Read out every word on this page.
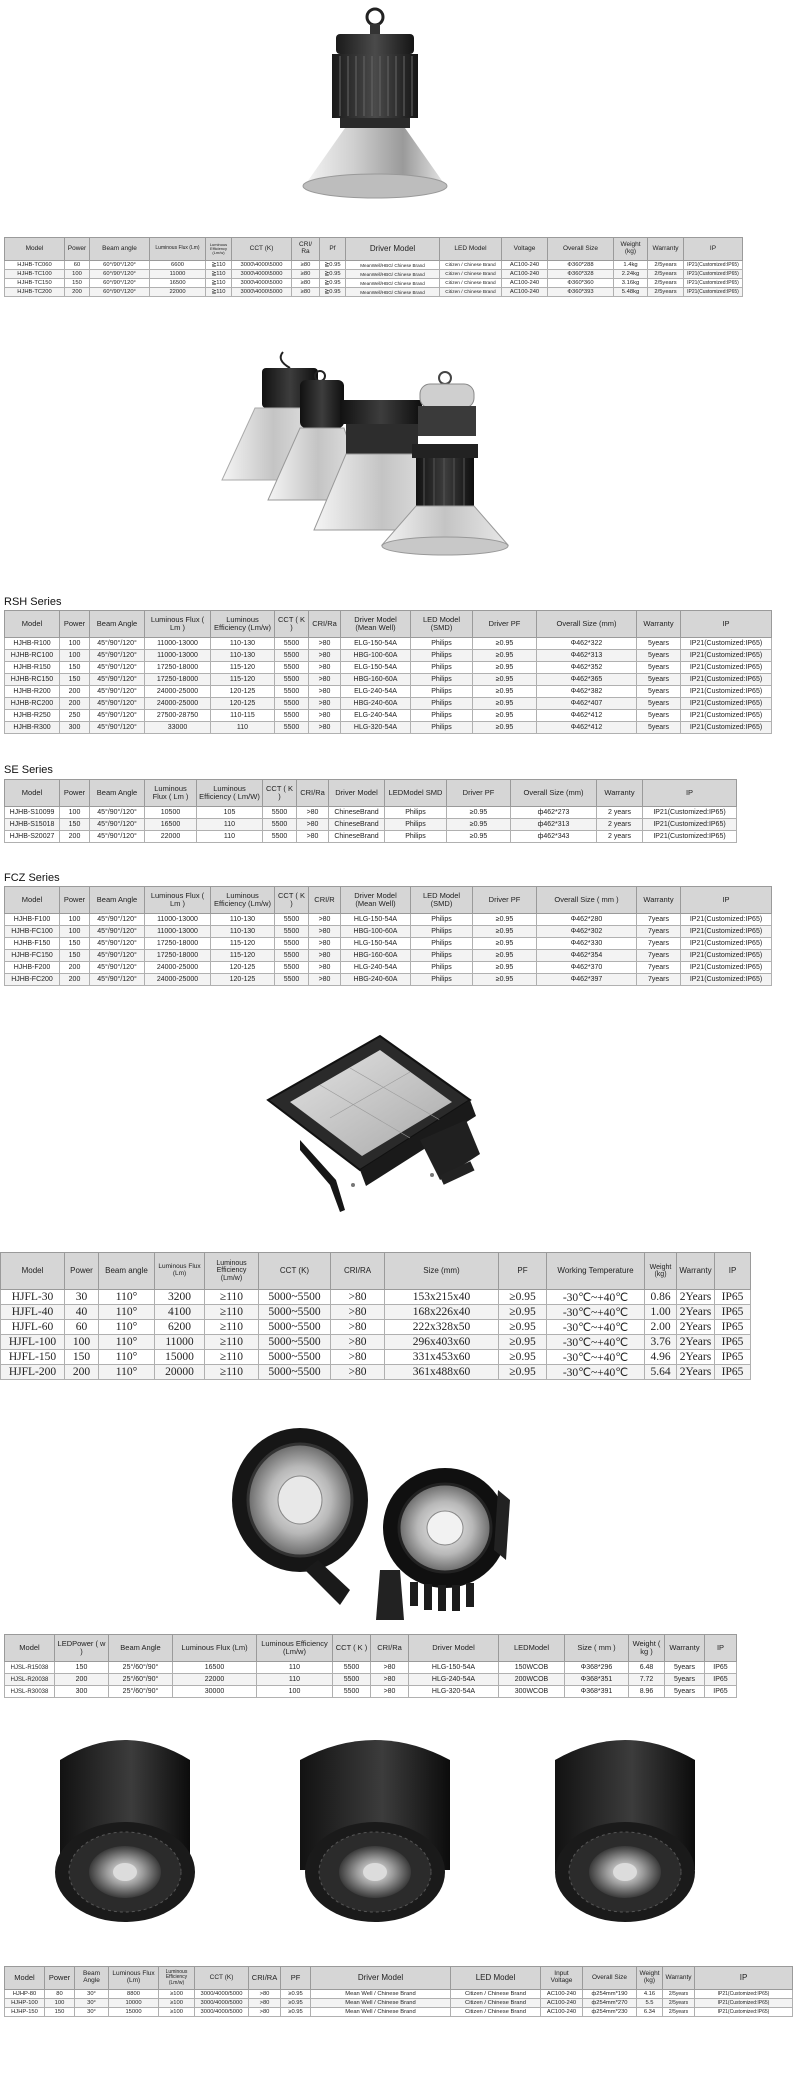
Model	Power	Beam angle	Luminous Flux (Lm)	Luminous Efficiency (Lm/w)	CCT (K)	CRI/ Ra	Pf	Driver Model	LED Model	Voltage	Overall Size	Weight (kg)	Warranty	IP
HJHB-TC060	60	60°/90°/120°	6600	≧110	3000\4000\5000	≥80	≧0.95	MeanWell/HBG/ Chinese Brand	Citizen / Chinese Brand	AC100-240	Φ360*288	1.4kg	2/5years	IP21(Customized:IP65)
HJHB-TC100	100	60°/90°/120°	11000	≧110	3000\4000\5000	≥80	≧0.95	MeanWell/HBG/ Chinese Brand	Citizen / Chinese Brand	AC100-240	Φ360*328	2.24kg	2/5years	IP21(Customized:IP65)
HJHB-TC150	150	60°/90°/120°	16500	≧110	3000\4000\5000	≥80	≧0.95	MeanWell/HBG/ Chinese Brand	Citizen / Chinese Brand	AC100-240	Φ360*360	3.16kg	2/5years	IP21(Customized:IP65)
HJHB-TC200	200	60°/90°/120°	22000	≧110	3000\4000\5000	≥80	≧0.95	MeanWell/HBG/ Chinese Brand	Citizen / Chinese Brand	AC100-240	Φ360*393	5.48kg	2/5years	IP21(Customized:IP65)
RSH Series
Model	Power	Beam Angle	Luminous Flux ( Lm )	Luminous Efficiency (Lm/w)	CCT ( K )	CRI/Ra	Driver Model (Mean Well)	LED Model (SMD)	Driver PF	Overall Size (mm)	Warranty	IP
HJHB-R100	100	45°/90°/120°	11000-13000	110-130	5500	>80	ELG-150-54A	Philips	≥0.95	Φ462*322	5years	IP21(Customized:IP65)
HJHB-RC100	100	45°/90°/120°	11000-13000	110-130	5500	>80	HBG-100-60A	Philips	≥0.95	Φ462*313	5years	IP21(Customized:IP65)
HJHB-R150	150	45°/90°/120°	17250-18000	115-120	5500	>80	ELG-150-54A	Philips	≥0.95	Φ462*352	5years	IP21(Customized:IP65)
HJHB-RC150	150	45°/90°/120°	17250-18000	115-120	5500	>80	HBG-160-60A	Philips	≥0.95	Φ462*365	5years	IP21(Customized:IP65)
HJHB-R200	200	45°/90°/120°	24000-25000	120-125	5500	>80	ELG-240-54A	Philips	≥0.95	Φ462*382	5years	IP21(Customized:IP65)
HJHB-RC200	200	45°/90°/120°	24000-25000	120-125	5500	>80	HBG-240-60A	Philips	≥0.95	Φ462*407	5years	IP21(Customized:IP65)
HJHB-R250	250	45°/90°/120°	27500-28750	110-115	5500	>80	ELG-240-54A	Philips	≥0.95	Φ462*412	5years	IP21(Customized:IP65)
HJHB-R300	300	45°/90°/120°	33000	110	5500	>80	HLG-320-54A	Philips	≥0.95	Φ462*412	5years	IP21(Customized:IP65)
SE Series
Model	Power	Beam Angle	Luminous Flux ( Lm )	Luminous Efficiency ( Lm/W)	CCT ( K )	CRI/Ra	Driver Model	LEDModel SMD	Driver PF	Overall Size (mm)	Warranty	IP
HJHB-S10099	100	45°/90°/120°	10500	105	5500	>80	ChineseBrand	Philips	≥0.95	ф462*273	2 years	IP21(Customized:IP65)
HJHB-S15018	150	45°/90°/120°	16500	110	5500	>80	ChineseBrand	Philips	≥0.95	ф462*313	2 years	IP21(Customized:IP65)
HJHB-S20027	200	45°/90°/120°	22000	110	5500	>80	ChineseBrand	Philips	≥0.95	ф462*343	2 years	IP21(Customized:IP65)
FCZ Series
Model	Power	Beam Angle	Luminous Flux ( Lm )	Luminous Efficiency (Lm/w)	CCT ( K )	CRI/R	Driver Model (Mean Well)	LED Model (SMD)	Driver PF	Overall Size ( mm )	Warranty	IP
HJHB-F100	100	45°/90°/120°	11000-13000	110-130	5500	>80	HLG-150-54A	Philips	≥0.95	Φ462*280	7years	IP21(Customized:IP65)
HJHB-FC100	100	45°/90°/120°	11000-13000	110-130	5500	>80	HBG-100-60A	Philips	≥0.95	Φ462*302	7years	IP21(Customized:IP65)
HJHB-F150	150	45°/90°/120°	17250-18000	115-120	5500	>80	HLG-150-54A	Philips	≥0.95	Φ462*330	7years	IP21(Customized:IP65)
HJHB-FC150	150	45°/90°/120°	17250-18000	115-120	5500	>80	HBG-160-60A	Philips	≥0.95	Φ462*354	7years	IP21(Customized:IP65)
HJHB-F200	200	45°/90°/120°	24000-25000	120-125	5500	>80	HLG-240-54A	Philips	≥0.95	Φ462*370	7years	IP21(Customized:IP65)
HJHB-FC200	200	45°/90°/120°	24000-25000	120-125	5500	>80	HBG-240-60A	Philips	≥0.95	Φ462*397	7years	IP21(Customized:IP65)
Model	Power	Beam angle	Luminous Flux (Lm)	Luminous Efficiency (Lm/w)	CCT (K)	CRI/RA	Size (mm)	PF	Working Temperature	Weight (kg)	Warranty	IP
HJFL-30	30	110°	3200	≥110	5000~5500	>80	153x215x40	≥0.95	-30℃~+40℃	0.86	2Years	IP65
HJFL-40	40	110°	4100	≥110	5000~5500	>80	168x226x40	≥0.95	-30℃~+40℃	1.00	2Years	IP65
HJFL-60	60	110°	6200	≥110	5000~5500	>80	222x328x50	≥0.95	-30℃~+40℃	2.00	2Years	IP65
HJFL-100	100	110°	11000	≥110	5000~5500	>80	296x403x60	≥0.95	-30℃~+40℃	3.76	2Years	IP65
HJFL-150	150	110°	15000	≥110	5000~5500	>80	331x453x60	≥0.95	-30℃~+40℃	4.96	2Years	IP65
HJFL-200	200	110°	20000	≥110	5000~5500	>80	361x488x60	≥0.95	-30℃~+40℃	5.64	2Years	IP65
Model	LEDPower ( w )	Beam Angle	Luminous Flux (Lm)	Luminous Efficiency (Lm/w)	CCT ( K )	CRI/Ra	Driver Model	LEDModel	Size ( mm )	Weight ( kg )	Warranty	IP
HJSL-R15038	150	25°/60°/90°	16500	110	5500	>80	HLG-150-54A	150WCOB	Φ368*296	6.48	5years	IP65
HJSL-R20038	200	25°/60°/90°	22000	110	5500	>80	HLG-240-54A	200WCOB	Φ368*351	7.72	5years	IP65
HJSL-R30038	300	25°/60°/90°	30000	100	5500	>80	HLG-320-54A	300WCOB	Φ368*391	8.96	5years	IP65
Model	Power	Beam Angle	Luminous Flux (Lm)	Luminous Efficiency (Lm/w)	CCT (K)	CRI/RA	PF	Driver Model	LED Model	Input Voltage	Overall Size	Weight (kg)	Warranty	IP
HJHP-80	80	30°	8800	≥100	3000/4000/5000	>80	≥0.95	Mean Well / Chinese Brand	Citizen / Chinese Brand	AC100-240	ф254mm*190	4.16	2/5years	IP21(Customized:IP65)
HJHP-100	100	30°	10000	≥100	3000/4000/5000	>80	≥0.95	Mean Well / Chinese Brand	Citizen / Chinese Brand	AC100-240	ф254mm*270	5.5	2/5years	IP21(Customized:IP65)
HJHP-150	150	30°	15000	≥100	3000/4000/5000	>80	≥0.95	Mean Well / Chinese Brand	Citizen / Chinese Brand	AC100-240	ф254mm*230	6.34	2/5years	IP21(Customized:IP65)
